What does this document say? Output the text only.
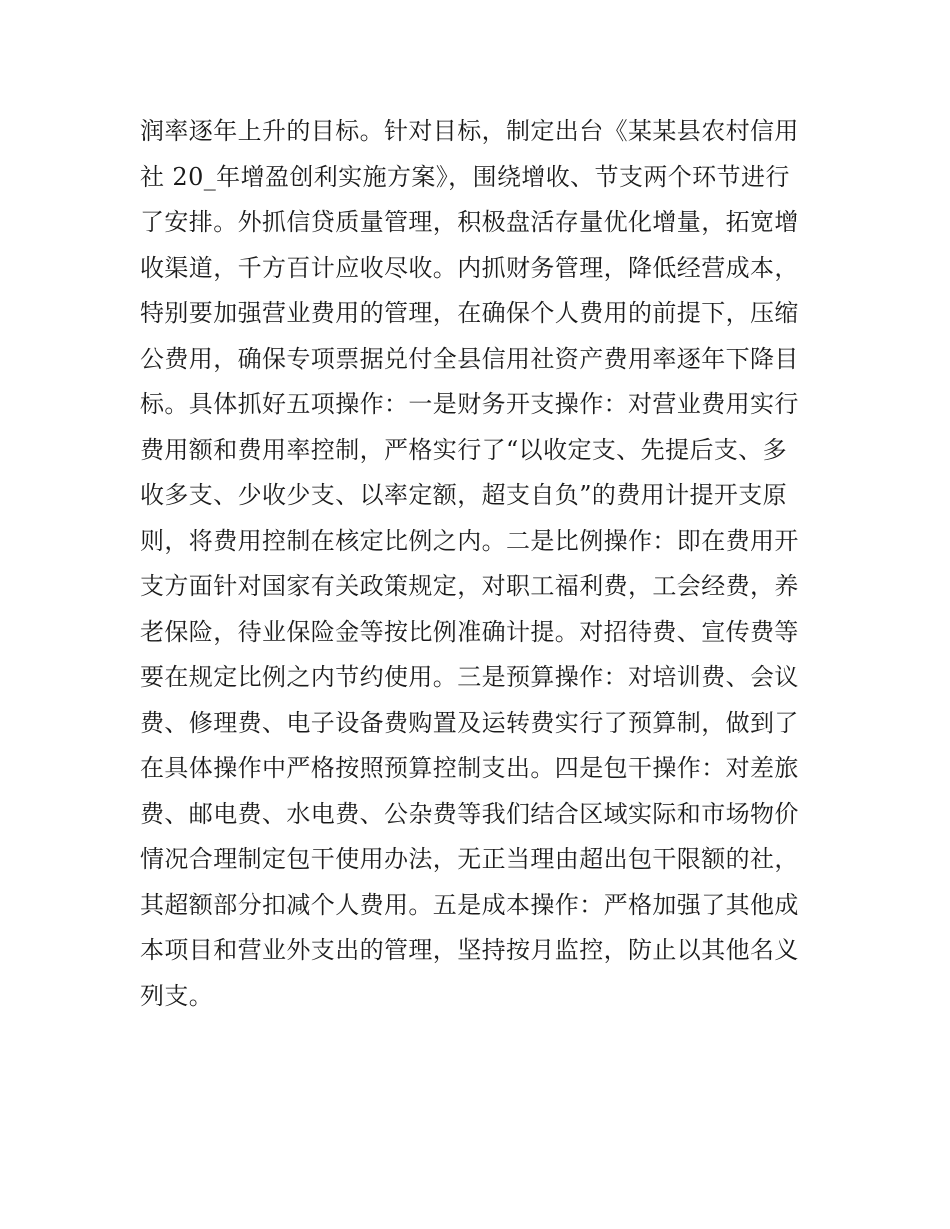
润率逐年上升的目标。针对目标，制定出台《某某县农村信用
社 20_年增盈创利实施方案》，围绕增收、节支两个环节进行
了安排。外抓信贷质量管理，积极盘活存量优化增量，拓宽增
收渠道，千方百计应收尽收。内抓财务管理，降低经营成本，
特别要加强营业费用的管理，在确保个人费用的前提下，压缩
公费用，确保专项票据兑付全县信用社资产费用率逐年下降目
标。具体抓好五项操作：一是财务开支操作：对营业费用实行
费用额和费用率控制，严格实行了“以收定支、先提后支、多
收多支、少收少支、以率定额，超支自负”的费用计提开支原
则，将费用控制在核定比例之内。二是比例操作：即在费用开
支方面针对国家有关政策规定，对职工福利费，工会经费，养
老保险，待业保险金等按比例准确计提。对招待费、宣传费等
要在规定比例之内节约使用。三是预算操作：对培训费、会议
费、修理费、电子设备费购置及运转费实行了预算制，做到了
在具体操作中严格按照预算控制支出。四是包干操作：对差旅
费、邮电费、水电费、公杂费等我们结合区域实际和市场物价
情况合理制定包干使用办法，无正当理由超出包干限额的社，
其超额部分扣减个人费用。五是成本操作：严格加强了其他成
本项目和营业外支出的管理，坚持按月监控，防止以其他名义
列支。
